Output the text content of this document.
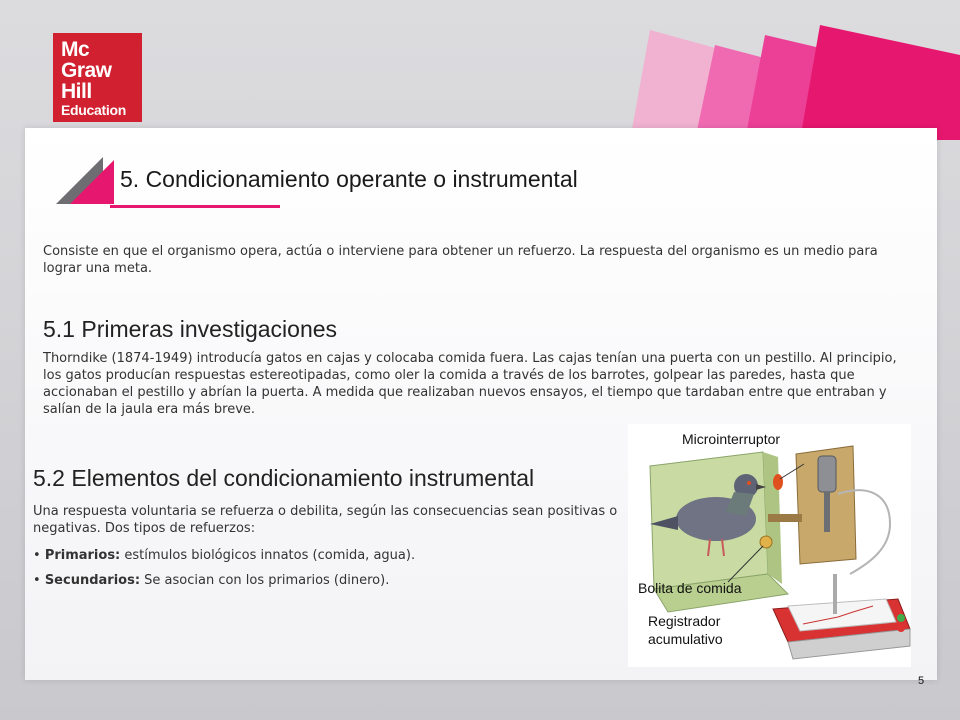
Mc
Graw
Hill
Education
5. Condicionamiento operante o instrumental

Consiste en que el organismo opera, actúa o interviene para obtener un refuerzo. La respuesta del organismo es un medio para lograr una meta.

5.1 Primeras investigaciones

Thorndike (1874-1949) introducía gatos en cajas y colocaba comida fuera. Las cajas tenían una puerta con un pestillo. Al principio, los gatos producían respuestas estereotipadas, como oler la comida a través de los barrotes, golpear las paredes, hasta que accionaban el pestillo y abrían la puerta. A medida que realizaban nuevos ensayos, el tiempo que tardaban entre que entraban y salían de la jaula era más breve.

5.2 Elementos del condicionamiento instrumental

Una respuesta voluntaria se refuerza o debilita, según las consecuencias sean positivas o negativas. Dos tipos de refuerzos:

• Primarios: estímulos biológicos innatos (comida, agua).

• Secundarios: Se asocian con los primarios (dinero).

Microinterruptor
Bolita de comida
Registrador
acumulativo
5
